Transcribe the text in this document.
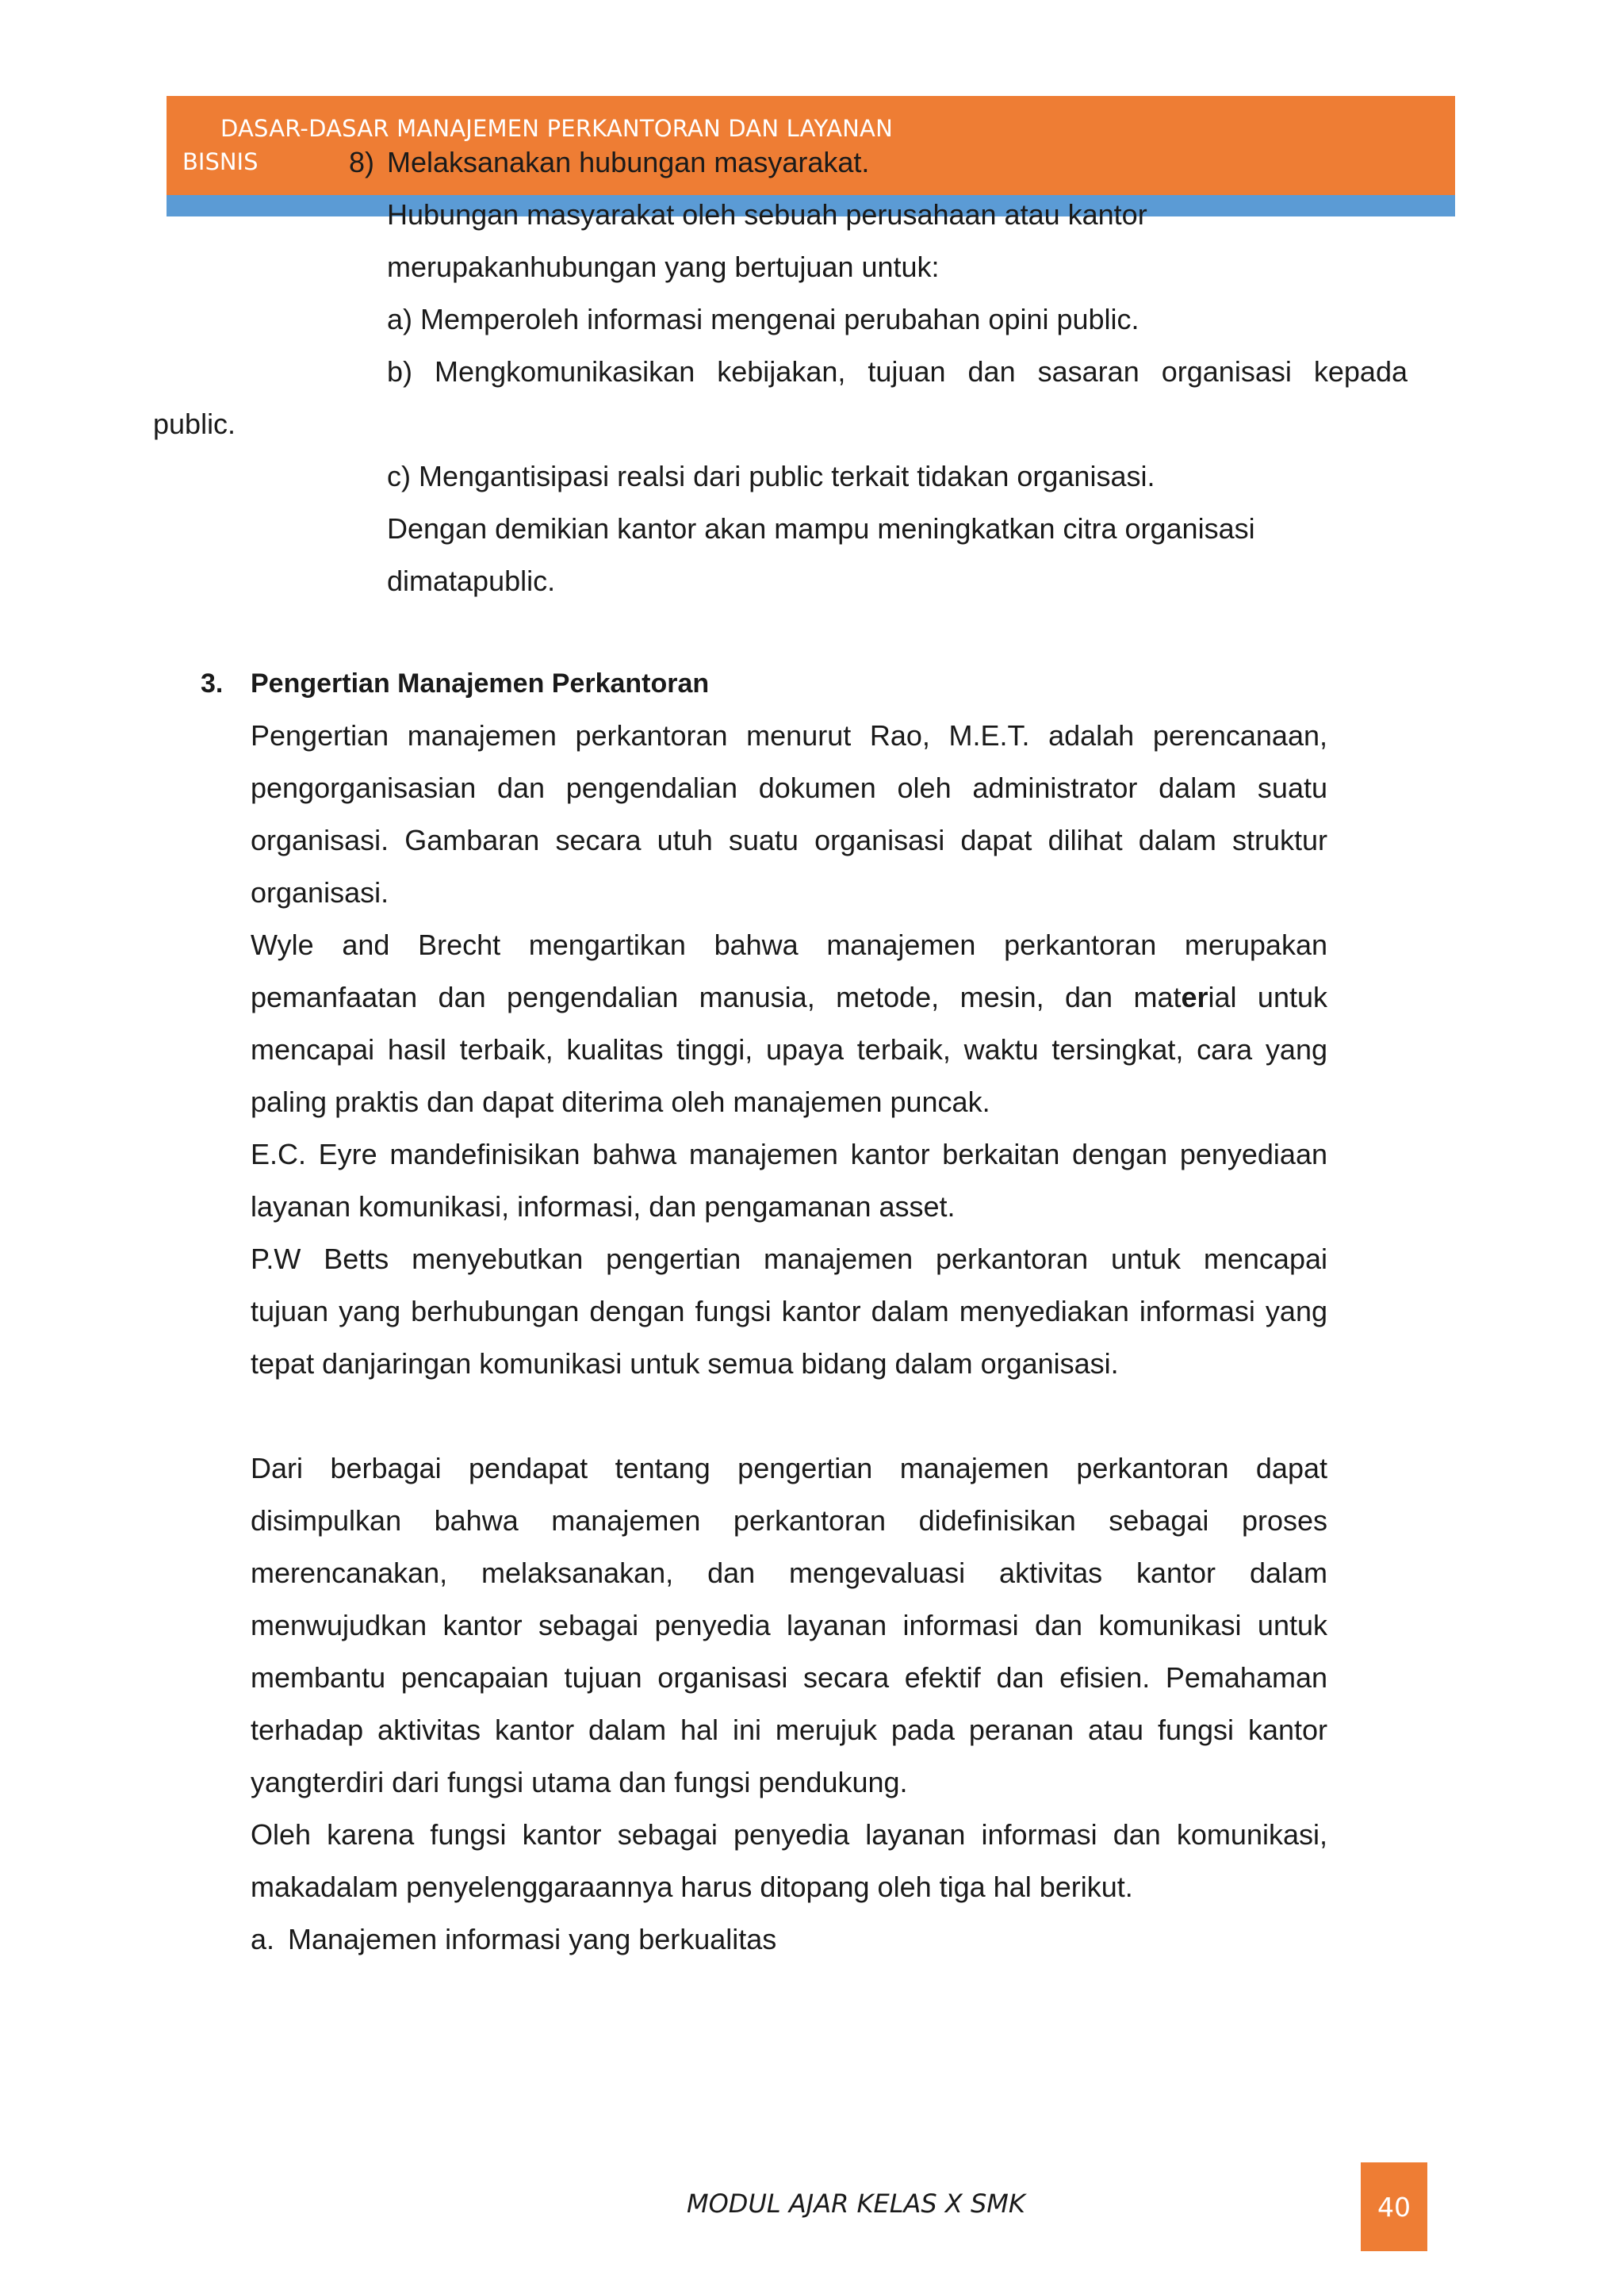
DASAR-DASAR MANAJEMEN PERKANTORAN DAN LAYANAN
BISNIS	8) Melaksanakan hubungan masyarakat.
Hubungan masyarakat oleh sebuah perusahaan atau kantor
merupakanhubungan yang bertujuan untuk:
a) Memperoleh informasi mengenai perubahan opini public.
b) Mengkomunikasikan kebijakan, tujuan dan sasaran organisasi kepada
public.
c) Mengantisipasi realsi dari public terkait tidakan organisasi.
Dengan demikian kantor akan mampu meningkatkan citra organisasi
dimatapublic.
3. Pengertian Manajemen Perkantoran
Pengertian manajemen perkantoran menurut Rao, M.E.T. adalah perencanaan,
pengorganisasian dan pengendalian dokumen oleh administrator dalam suatu
organisasi. Gambaran secara utuh suatu organisasi dapat dilihat dalam struktur
organisasi.
Wyle and Brecht mengartikan bahwa manajemen perkantoran merupakan
pemanfaatan dan pengendalian manusia, metode, mesin, dan material untuk
mencapai hasil terbaik, kualitas tinggi, upaya terbaik, waktu tersingkat, cara yang
paling praktis dan dapat diterima oleh manajemen puncak.
E.C. Eyre mandefinisikan bahwa manajemen kantor berkaitan dengan penyediaan
layanan komunikasi, informasi, dan pengamanan asset.
P.W Betts menyebutkan pengertian manajemen perkantoran untuk mencapai
tujuan yang berhubungan dengan fungsi kantor dalam menyediakan informasi yang
tepat danjaringan komunikasi untuk semua bidang dalam organisasi.
Dari berbagai pendapat tentang pengertian manajemen perkantoran dapat
disimpulkan bahwa manajemen perkantoran didefinisikan sebagai proses
merencanakan, melaksanakan, dan mengevaluasi aktivitas kantor dalam
menwujudkan kantor sebagai penyedia layanan informasi dan komunikasi untuk
membantu pencapaian tujuan organisasi secara efektif dan efisien. Pemahaman
terhadap aktivitas kantor dalam hal ini merujuk pada peranan atau fungsi kantor
yangterdiri dari fungsi utama dan fungsi pendukung.
Oleh karena fungsi kantor sebagai penyedia layanan informasi dan komunikasi,
makadalam penyelenggaraannya harus ditopang oleh tiga hal berikut.
a. Manajemen informasi yang berkualitas
MODUL AJAR KELAS X SMK	40
